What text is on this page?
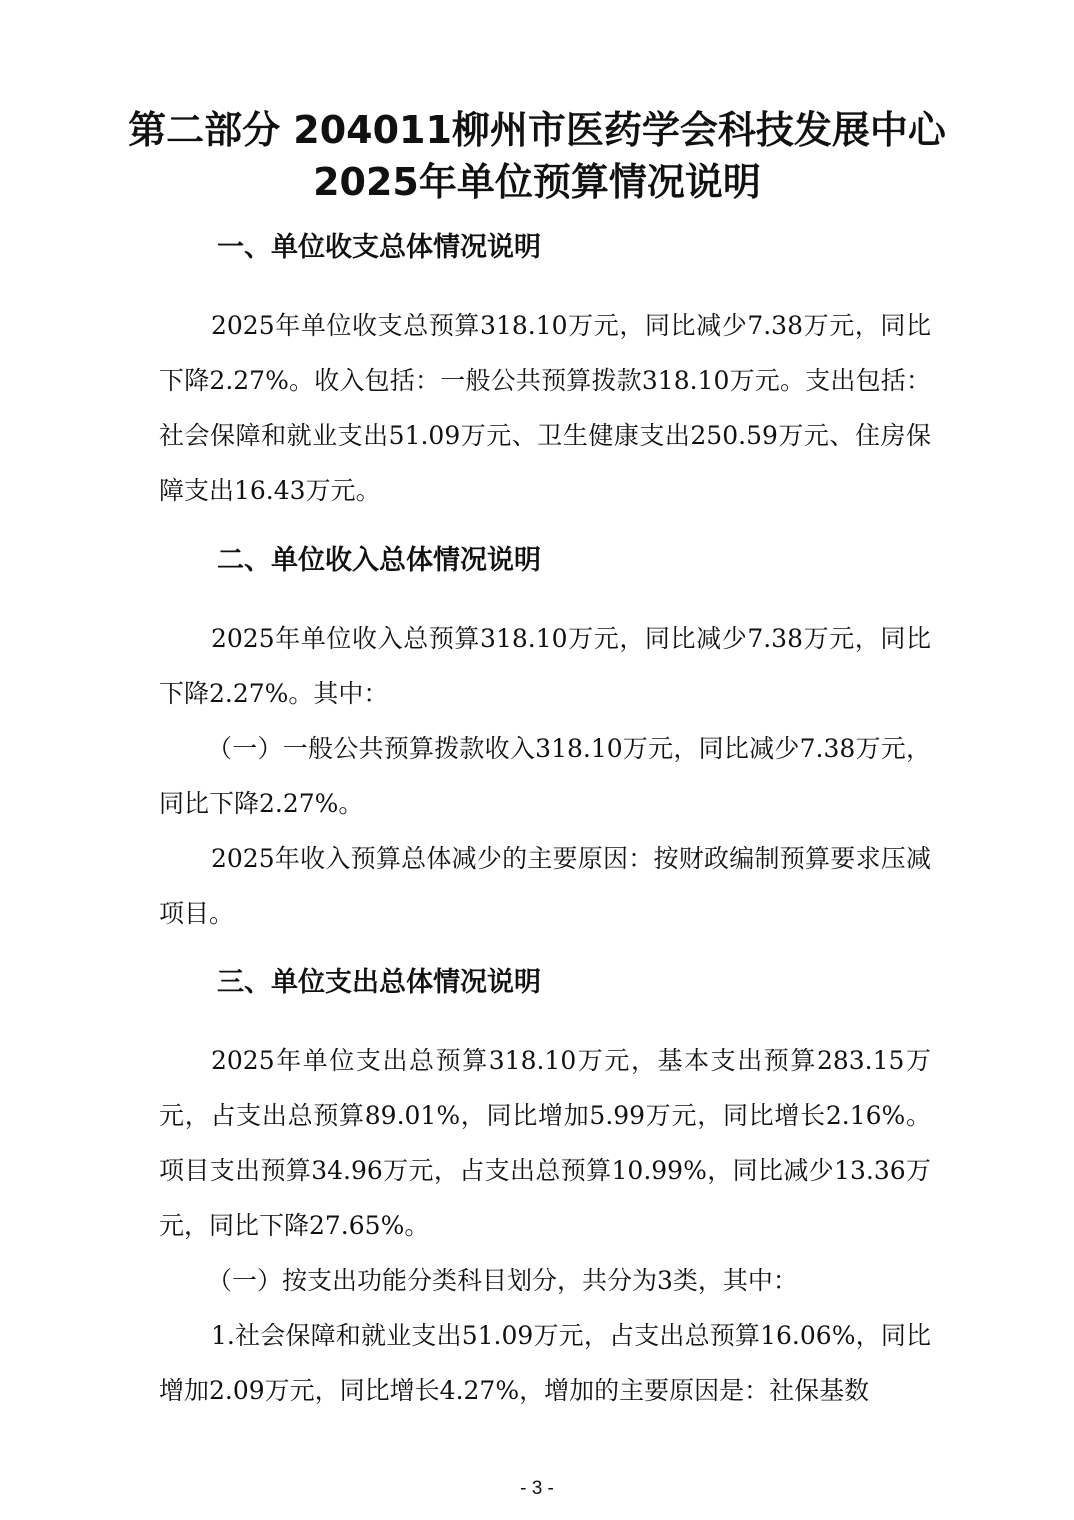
第二部分 204011柳州市医药学会科技发展中心2025年单位预算情况说明
一、单位收支总体情况说明
2025年单位收支总预算318.10万元，同比减少7.38万元，同比下降2.27%。收入包括：一般公共预算拨款318.10万元。支出包括：社会保障和就业支出51.09万元、卫生健康支出250.59万元、住房保障支出16.43万元。
二、单位收入总体情况说明
2025年单位收入总预算318.10万元，同比减少7.38万元，同比下降2.27%。其中：
（一）一般公共预算拨款收入318.10万元，同比减少7.38万元，同比下降2.27%。
2025年收入预算总体减少的主要原因：按财政编制预算要求压减项目。
三、单位支出总体情况说明
2025年单位支出总预算318.10万元，基本支出预算283.15万元，占支出总预算89.01%，同比增加5.99万元，同比增长2.16%。项目支出预算34.96万元，占支出总预算10.99%，同比减少13.36万元，同比下降27.65%。
（一）按支出功能分类科目划分，共分为3类，其中：
1.社会保障和就业支出51.09万元，占支出总预算16.06%，同比增加2.09万元，同比增长4.27%，增加的主要原因是：社保基数
- 3 -
